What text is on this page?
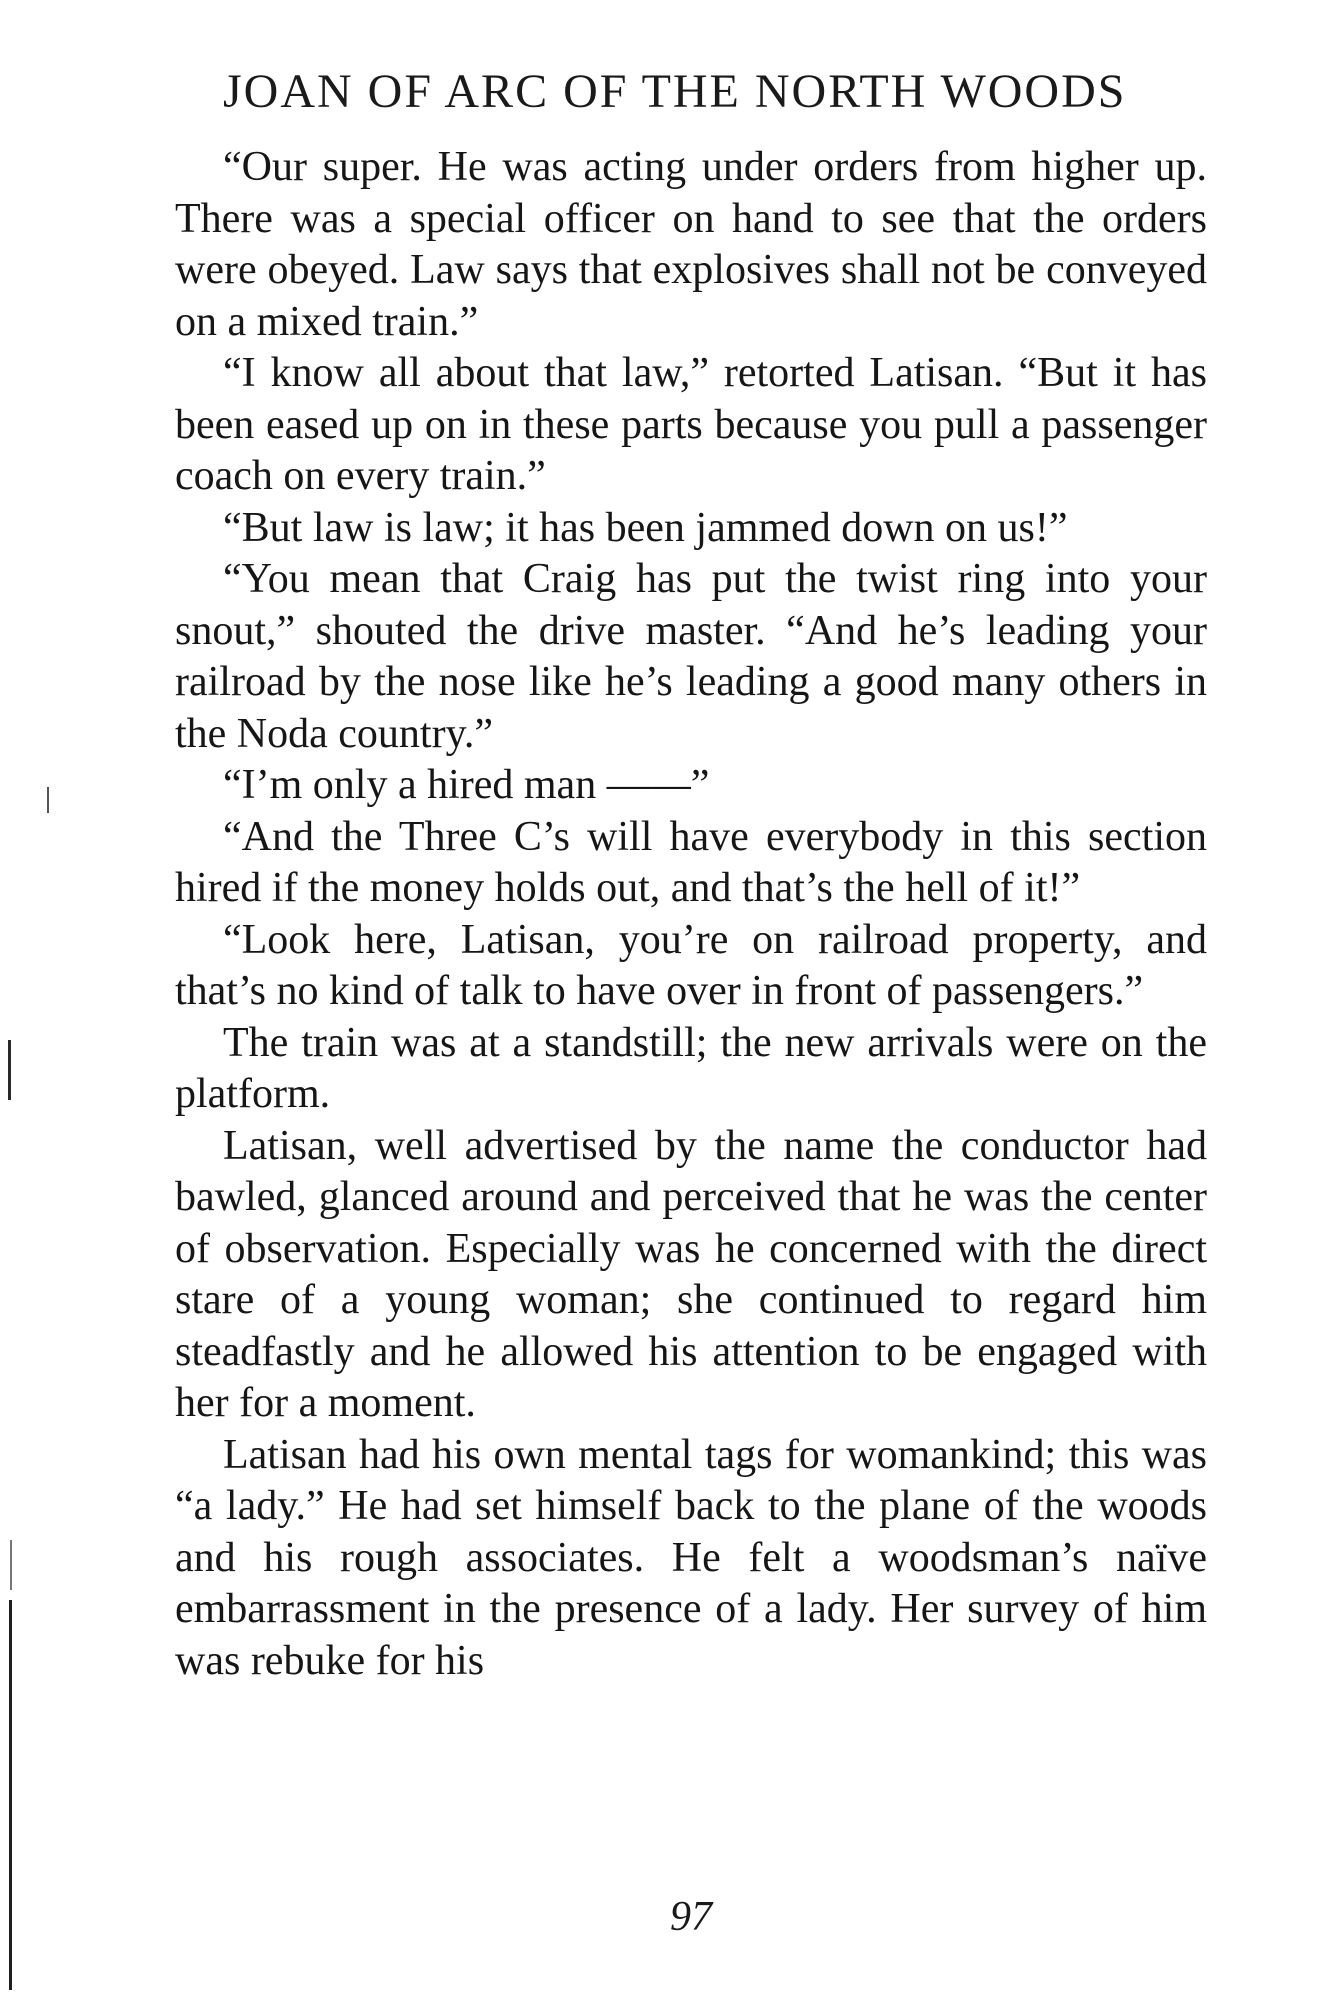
JOAN OF ARC OF THE NORTH WOODS

“Our super. He was acting under orders from higher up. There was a special officer on hand to see that the orders were obeyed. Law says that explosives shall not be conveyed on a mixed train.”

“I know all about that law,” retorted Latisan. “But it has been eased up on in these parts because you pull a passenger coach on every train.”

“But law is law; it has been jammed down on us!”

“You mean that Craig has put the twist ring into your snout,” shouted the drive master. “And he’s leading your railroad by the nose like he’s leading a good many others in the Noda country.”

“I’m only a hired man ——”

“And the Three C’s will have everybody in this section hired if the money holds out, and that’s the hell of it!”

“Look here, Latisan, you’re on railroad property, and that’s no kind of talk to have over in front of passengers.”

The train was at a standstill; the new arrivals were on the platform.

Latisan, well advertised by the name the conductor had bawled, glanced around and perceived that he was the center of observation. Especially was he concerned with the direct stare of a young woman; she continued to regard him steadfastly and he allowed his attention to be engaged with her for a moment.

Latisan had his own mental tags for womankind; this was “a lady.” He had set himself back to the plane of the woods and his rough associates. He felt a woodsman’s naïve embarrassment in the presence of a lady. Her survey of him was rebuke for his

97
